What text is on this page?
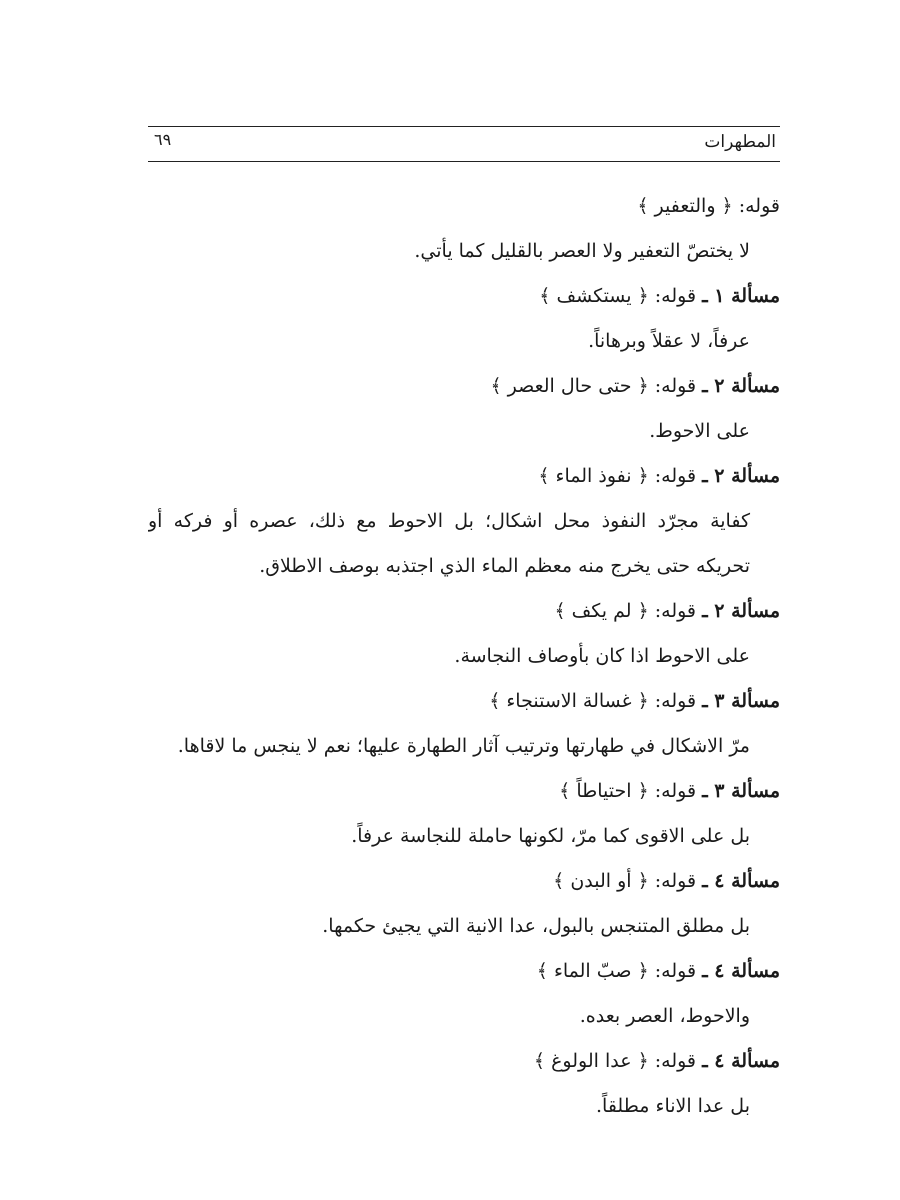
المطهرات
٦٩
قوله: ﴿ والتعفير ﴾
لا يختصّ التعفير ولا العصر بالقليل كما يأتي.
مسألة ١ ـ قوله: ﴿ يستكشف ﴾
عرفاً، لا عقلاً وبرهاناً.
مسألة ٢ ـ قوله: ﴿ حتى حال العصر ﴾
على الاحوط.
مسألة ٢ ـ قوله: ﴿ نفوذ الماء ﴾
كفاية مجرّد النفوذ محل اشكال؛ بل الاحوط مع ذلك، عصره أو فركه أو
تحريكه حتى يخرج منه معظم الماء الذي اجتذبه بوصف الاطلاق.
مسألة ٢ ـ قوله: ﴿ لم يكف ﴾
على الاحوط اذا كان بأوصاف النجاسة.
مسألة ٣ ـ قوله: ﴿ غسالة الاستنجاء ﴾
مرّ الاشكال في طهارتها وترتيب آثار الطهارة عليها؛ نعم لا ينجس ما لاقاها.
مسألة ٣ ـ قوله: ﴿ احتياطاً ﴾
بل على الاقوى كما مرّ، لكونها حاملة للنجاسة عرفاً.
مسألة ٤ ـ قوله: ﴿ أو البدن ﴾
بل مطلق المتنجس بالبول، عدا الانية التي يجيئ حكمها.
مسألة ٤ ـ قوله: ﴿ صبّ الماء ﴾
والاحوط، العصر بعده.
مسألة ٤ ـ قوله: ﴿ عدا الولوغ ﴾
بل عدا الاناء مطلقاً.
